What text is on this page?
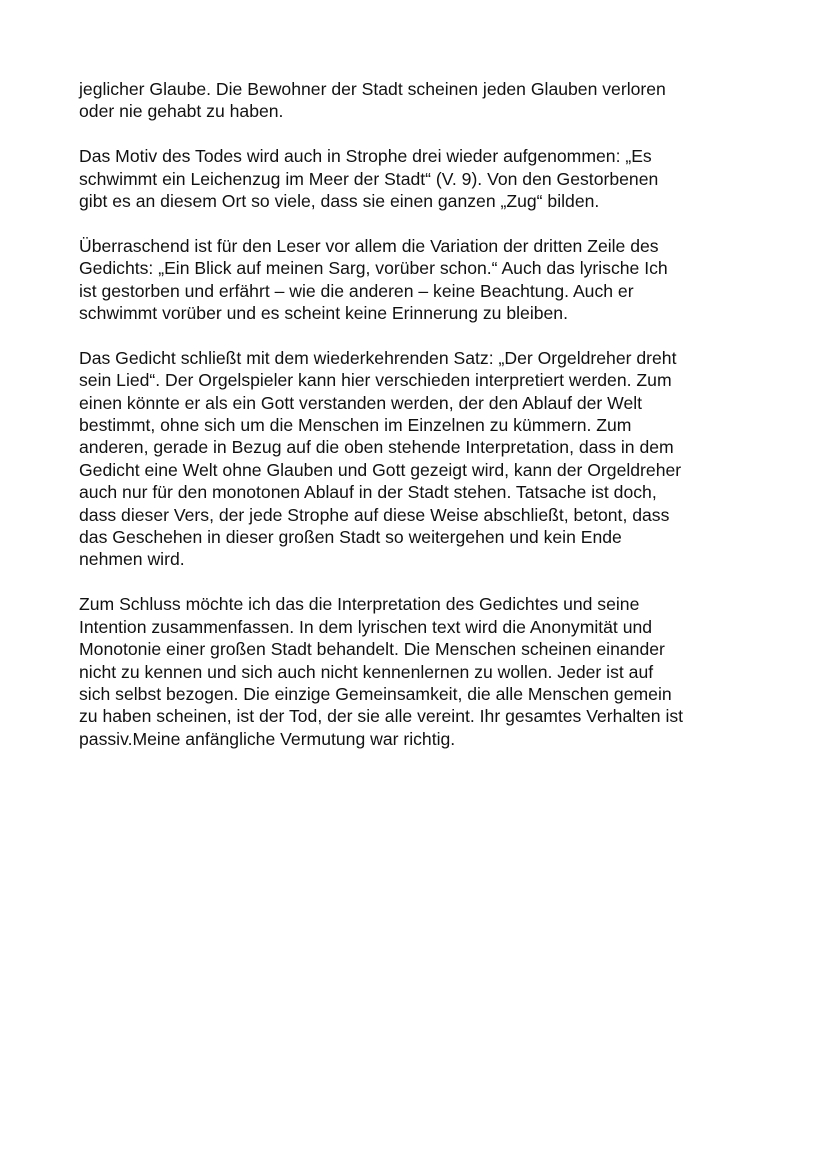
jeglicher Glaube. Die Bewohner der Stadt scheinen jeden Glauben verloren
oder nie gehabt zu haben.

Das Motiv des Todes wird auch in Strophe drei wieder aufgenommen: „Es
schwimmt ein Leichenzug im Meer der Stadt“ (V. 9). Von den Gestorbenen
gibt es an diesem Ort so viele, dass sie einen ganzen „Zug“ bilden.

Überraschend ist für den Leser vor allem die Variation der dritten Zeile des
Gedichts: „Ein Blick auf meinen Sarg, vorüber schon.“ Auch das lyrische Ich
ist gestorben und erfährt – wie die anderen – keine Beachtung. Auch er
schwimmt vorüber und es scheint keine Erinnerung zu bleiben.

Das Gedicht schließt mit dem wiederkehrenden Satz: „Der Orgeldreher dreht
sein Lied“. Der Orgelspieler kann hier verschieden interpretiert werden. Zum
einen könnte er als ein Gott verstanden werden, der den Ablauf der Welt
bestimmt, ohne sich um die Menschen im Einzelnen zu kümmern. Zum
anderen, gerade in Bezug auf die oben stehende Interpretation, dass in dem
Gedicht eine Welt ohne Glauben und Gott gezeigt wird, kann der Orgeldreher
auch nur für den monotonen Ablauf in der Stadt stehen. Tatsache ist doch,
dass dieser Vers, der jede Strophe auf diese Weise abschließt, betont, dass
das Geschehen in dieser großen Stadt so weitergehen und kein Ende
nehmen wird.

Zum Schluss möchte ich das die Interpretation des Gedichtes und seine
Intention zusammenfassen. In dem lyrischen text wird die Anonymität und
Monotonie einer großen Stadt behandelt. Die Menschen scheinen einander
nicht zu kennen und sich auch nicht kennenlernen zu wollen. Jeder ist auf
sich selbst bezogen. Die einzige Gemeinsamkeit, die alle Menschen gemein
zu haben scheinen, ist der Tod, der sie alle vereint. Ihr gesamtes Verhalten ist
passiv.Meine anfängliche Vermutung war richtig.
